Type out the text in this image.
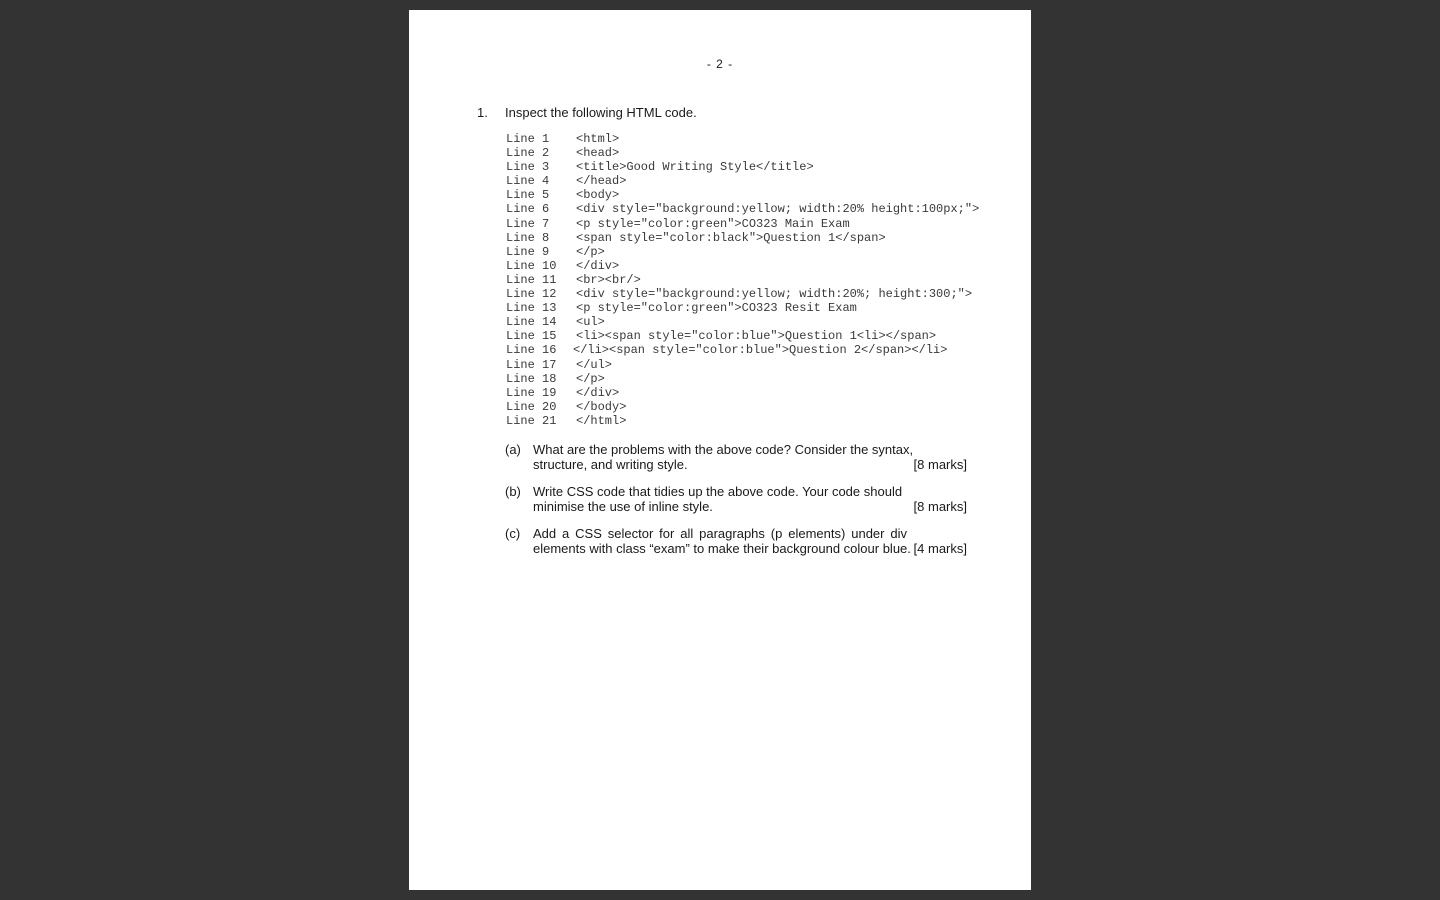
- 2 -
1. Inspect the following HTML code.
Line 1	<html>
Line 2	<head>
Line 3	<title>Good Writing Style</title>
Line 4	</head>
Line 5	<body>
Line 6	<div style="background:yellow; width:20% height:100px;">
Line 7	<p style="color:green">CO323 Main Exam
Line 8	<span style="color:black">Question 1</span>
Line 9	</p>
Line 10	</div>
Line 11	<br><br/>
Line 12	<div style="background:yellow; width:20%; height:300;">
Line 13	<p style="color:green">CO323 Resit Exam
Line 14	<ul>
Line 15	<li><span style="color:blue">Question 1<li></span>
Line 16	</li><span style="color:blue">Question 2</span></li>
Line 17	</ul>
Line 18	</p>
Line 19	</div>
Line 20	</body>
Line 21	</html>
(a) What are the problems with the above code? Consider the syntax,
structure, and writing style.	[8 marks]
(b) Write CSS code that tidies up the above code. Your code should
minimise the use of inline style.	[8 marks]
(c) Add a CSS selector for all paragraphs (p elements) under div
elements with class “exam” to make their background colour blue. [4 marks]
